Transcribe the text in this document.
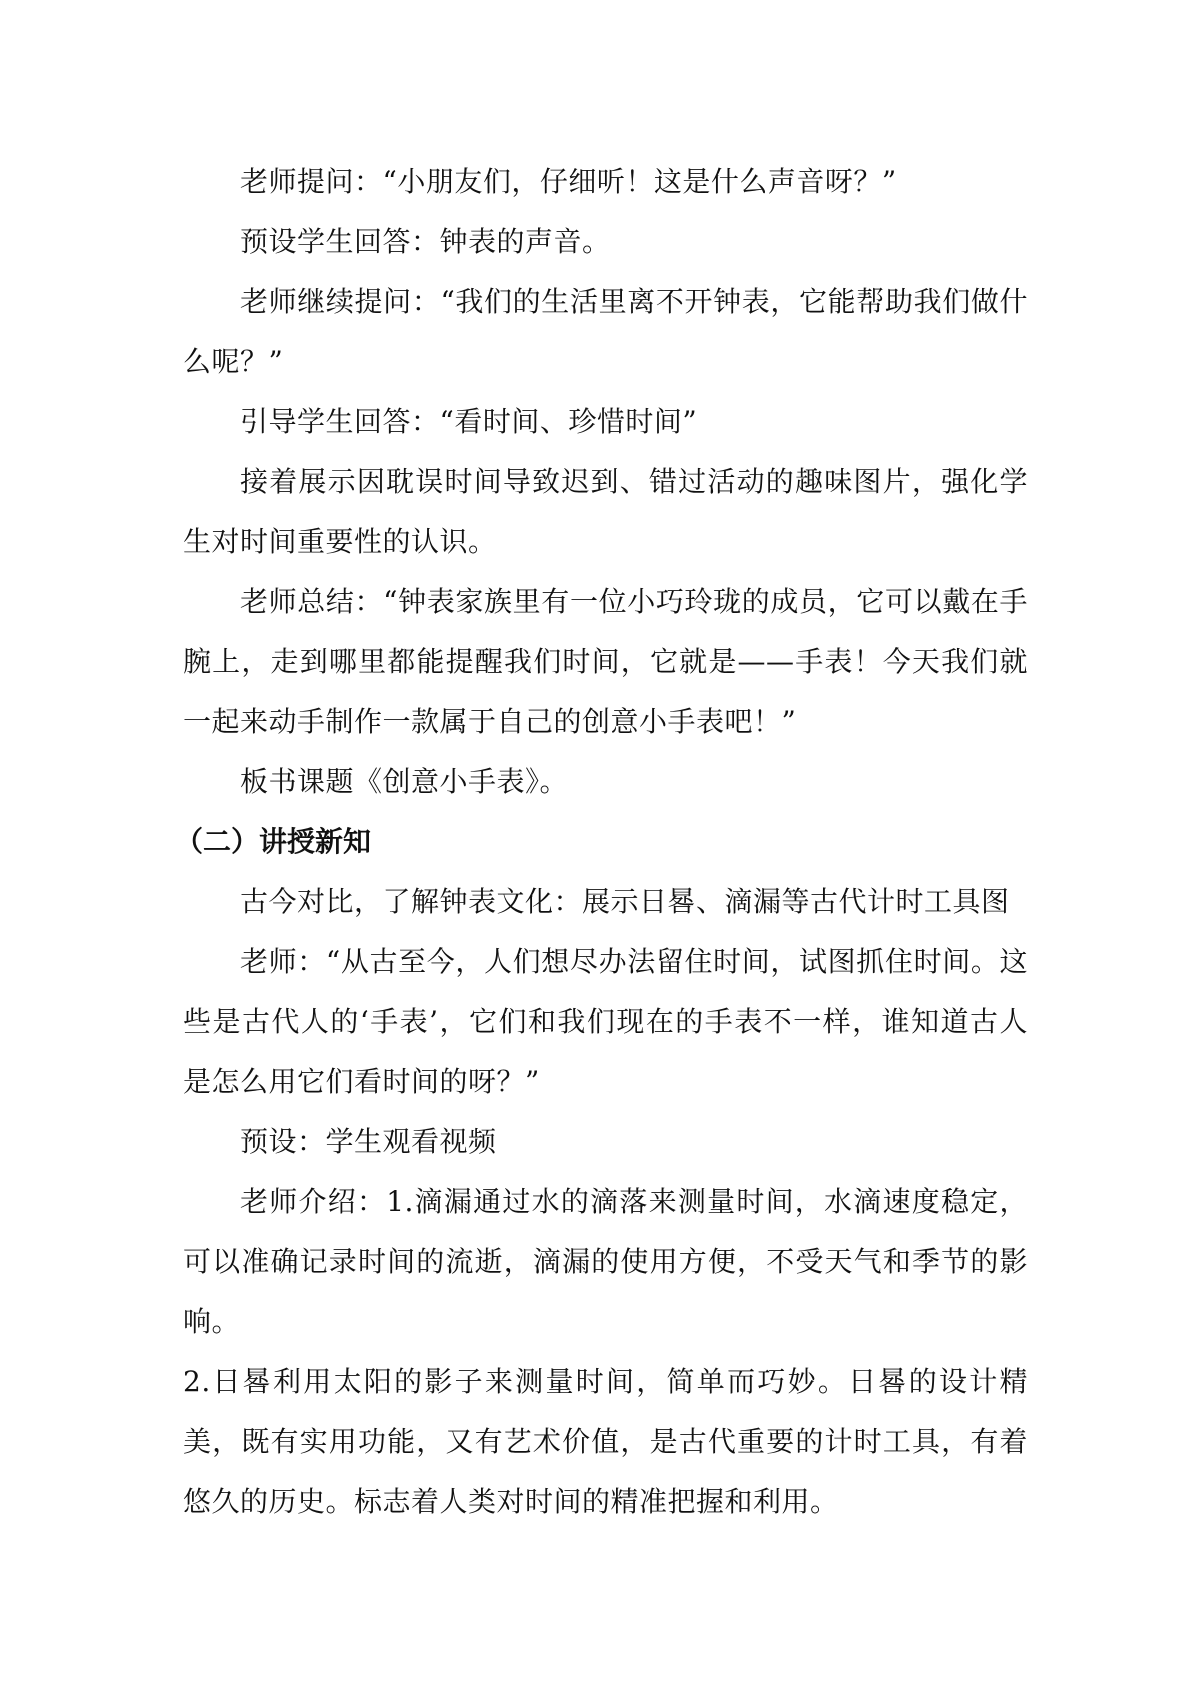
老师提问：“小朋友们，仔细听！这是什么声音呀？”

预设学生回答：钟表的声音。

老师继续提问：“我们的生活里离不开钟表，它能帮助我们做什么呢？”

引导学生回答：“看时间、珍惜时间”

接着展示因耽误时间导致迟到、错过活动的趣味图片，强化学生对时间重要性的认识。

老师总结：“钟表家族里有一位小巧玲珑的成员，它可以戴在手腕上，走到哪里都能提醒我们时间，它就是——手表！今天我们就一起来动手制作一款属于自己的创意小手表吧！”

板书课题《创意小手表》。

（二）讲授新知

古今对比，了解钟表文化：展示日晷、滴漏等古代计时工具图

老师：“从古至今，人们想尽办法留住时间，试图抓住时间。这些是古代人的‘手表’，它们和我们现在的手表不一样，谁知道古人是怎么用它们看时间的呀？”

预设：学生观看视频

老师介绍：1.滴漏通过水的滴落来测量时间，水滴速度稳定，可以准确记录时间的流逝，滴漏的使用方便，不受天气和季节的影响。

2.日晷利用太阳的影子来测量时间，简单而巧妙。日晷的设计精美，既有实用功能，又有艺术价值，是古代重要的计时工具，有着悠久的历史。标志着人类对时间的精准把握和利用。
